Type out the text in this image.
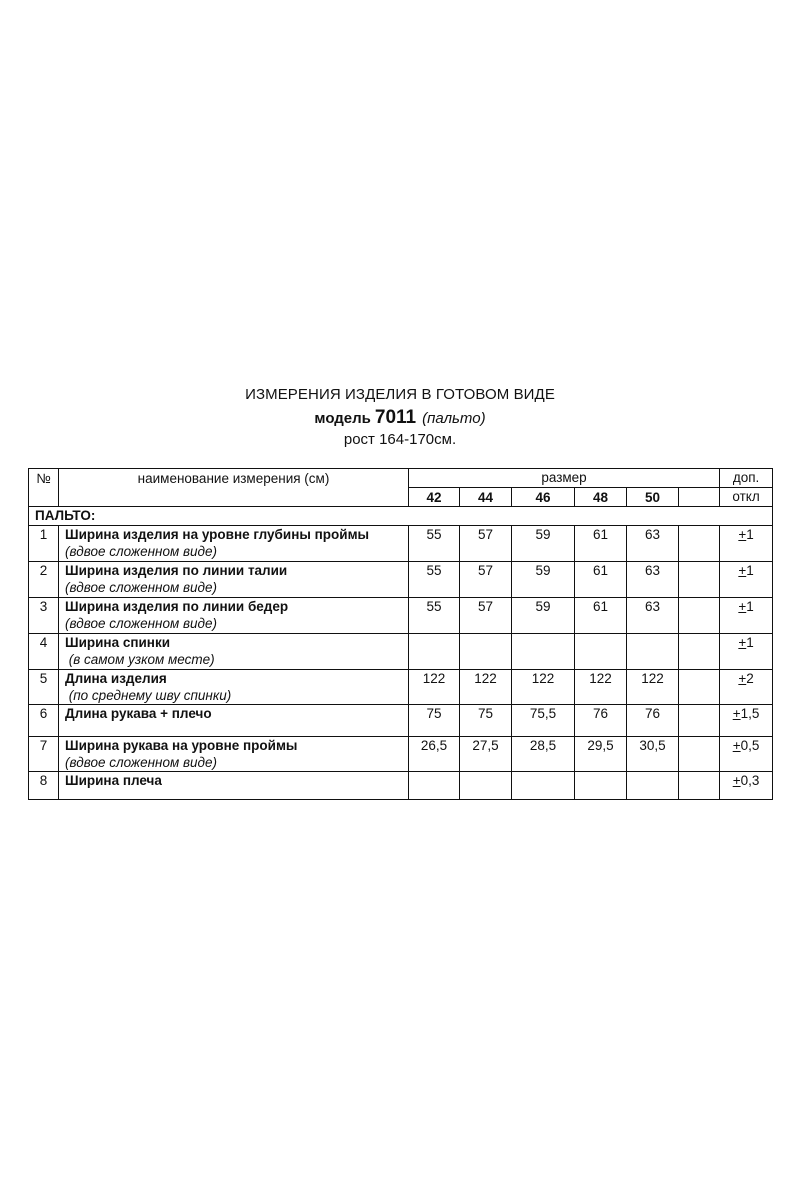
ИЗМЕРЕНИЯ ИЗДЕЛИЯ В ГОТОВОМ ВИДЕ
модель 7011 (пальто)
рост 164-170см.
№	наименование измерения (см)	размер						доп.
		42	44	46	48	50		откл
ПАЛЬТО:								
1	Ширина изделия на уровне глубины проймы
(вдвое сложенном виде)	55	57	59	61	63		+1
2	Ширина изделия по линии талии
(вдвое сложенном виде)	55	57	59	61	63		+1
3	Ширина изделия по линии бедер
(вдвое сложенном виде)	55	57	59	61	63		+1
4	Ширина спинки
(в самом узком месте)							+1
5	Длина изделия
(по среднему шву спинки)	122	122	122	122	122		+2
6	Длина рукава + плечо	75	75	75,5	76	76		+1,5
7	Ширина рукава на уровне проймы
(вдвое сложенном виде)	26,5	27,5	28,5	29,5	30,5		+0,5
8	Ширина плеча							+0,3
